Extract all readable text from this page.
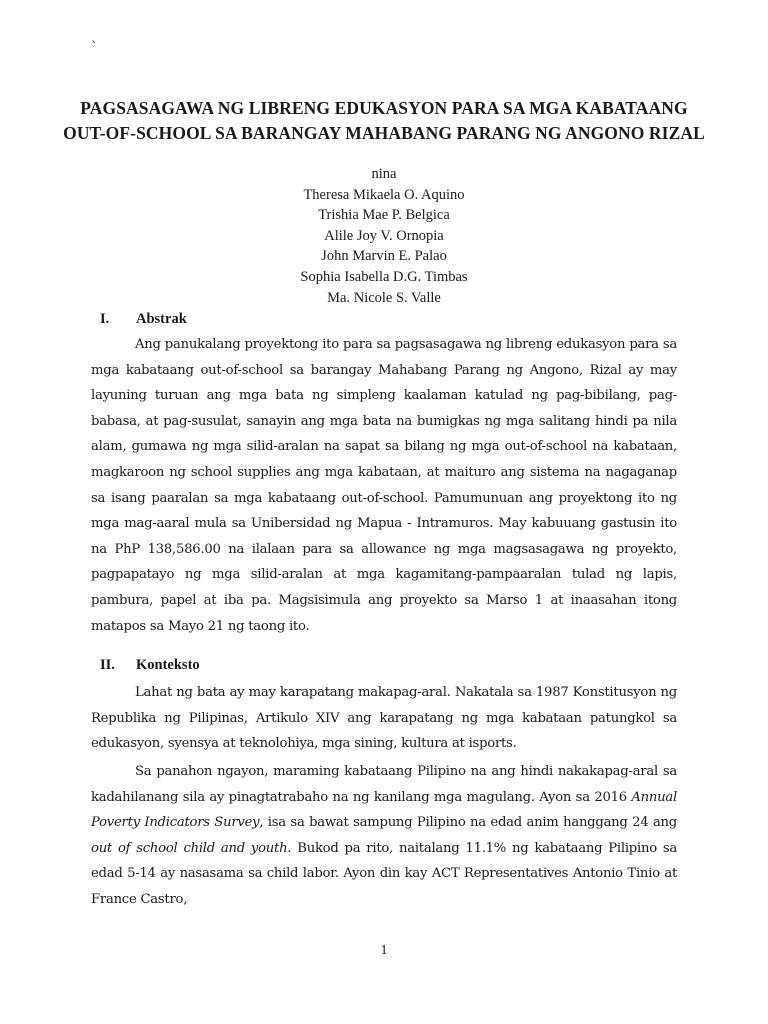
`
PAGSASAGAWA NG LIBRENG EDUKASYON PARA SA MGA KABATAANG OUT-OF-SCHOOL SA BARANGAY MAHABANG PARANG NG ANGONO RIZAL
nina
Theresa Mikaela O. Aquino
Trishia Mae P. Belgica
Alile Joy V. Ornopia
John Marvin E. Palao
Sophia Isabella D.G. Timbas
Ma. Nicole S. Valle
I. Abstrak
Ang panukalang proyektong ito para sa pagsasagawa ng libreng edukasyon para sa mga kabataang out-of-school sa barangay Mahabang Parang ng Angono, Rizal ay may layuning turuan ang mga bata ng simpleng kaalaman katulad ng pag-bibilang, pag-babasa, at pag-susulat, sanayin ang mga bata na bumigkas ng mga salitang hindi pa nila alam, gumawa ng mga silid-aralan na sapat sa bilang ng mga out-of-school na kabataan, magkaroon ng school supplies ang mga kabataan, at maituro ang sistema na nagaganap sa isang paaralan sa mga kabataang out-of-school. Pamumunuan ang proyektong ito ng mga mag-aaral mula sa Unibersidad ng Mapua - Intramuros. May kabuuang gastusin ito na PhP 138,586.00 na ilalaan para sa allowance ng mga magsasagawa ng proyekto, pagpapatayo ng mga silid-aralan at mga kagamitang-pampaaralan tulad ng lapis, pambura, papel at iba pa. Magsisimula ang proyekto sa Marso 1 at inaasahan itong matapos sa Mayo 21 ng taong ito.
II. Konteksto
Lahat ng bata ay may karapatang makapag-aral. Nakatala sa 1987 Konstitusyon ng Republika ng Pilipinas, Artikulo XIV ang karapatang ng mga kabataan patungkol sa edukasyon, syensya at teknolohiya, mga sining, kultura at isports.
Sa panahon ngayon, maraming kabataang Pilipino na ang hindi nakakapag-aral sa kadahilanang sila ay pinagtatrabaho na ng kanilang mga magulang. Ayon sa 2016 Annual Poverty Indicators Survey, isa sa bawat sampung Pilipino na edad anim hanggang 24 ang out of school child and youth. Bukod pa rito, naitalang 11.1% ng kabataang Pilipino sa edad 5-14 ay nasasama sa child labor. Ayon din kay ACT Representatives Antonio Tinio at France Castro,
1
